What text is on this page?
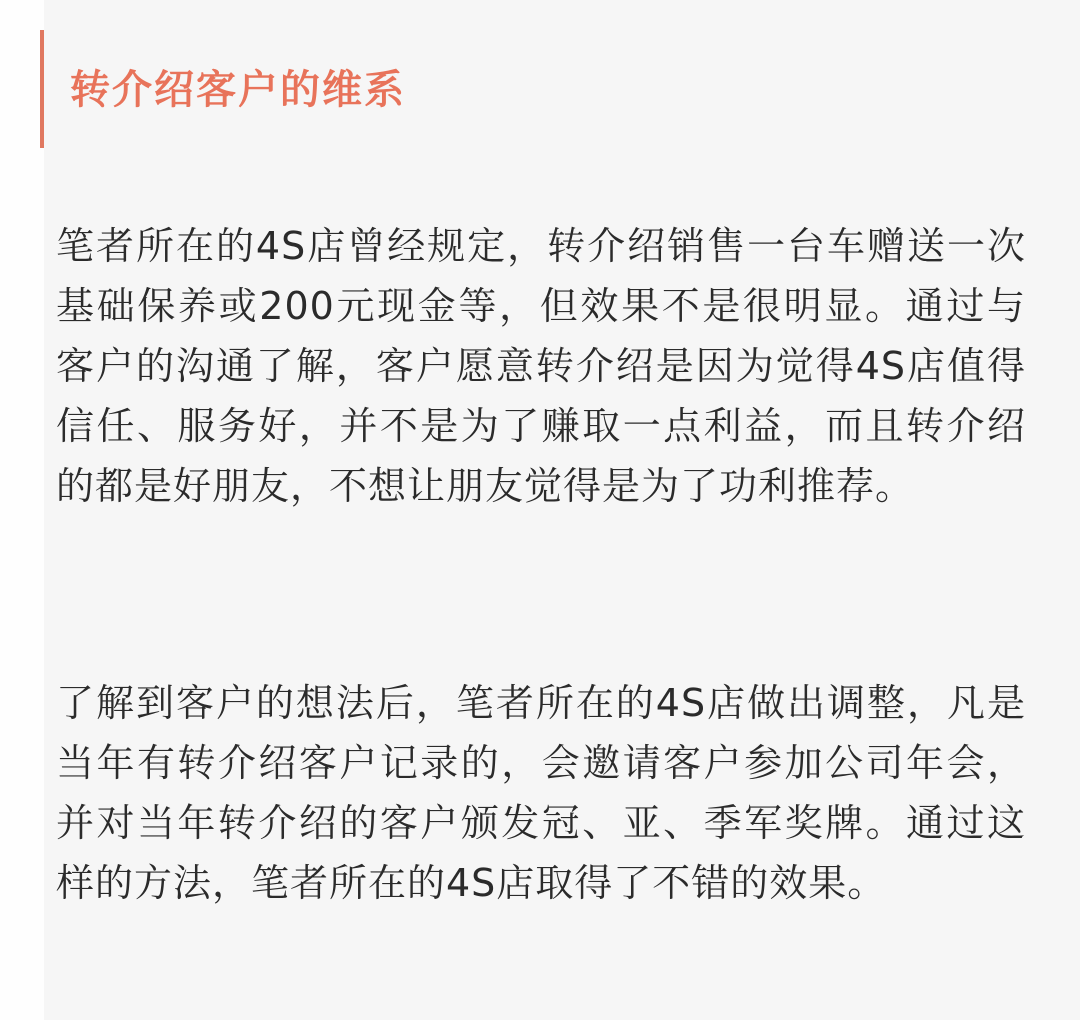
转介绍客户的维系

笔者所在的4S店曾经规定，转介绍销售一台车赠送一次基础保养或200元现金等，但效果不是很明显。通过与客户的沟通了解，客户愿意转介绍是因为觉得4S店值得信任、服务好，并不是为了赚取一点利益，而且转介绍的都是好朋友，不想让朋友觉得是为了功利推荐。

了解到客户的想法后，笔者所在的4S店做出调整，凡是当年有转介绍客户记录的，会邀请客户参加公司年会，并对当年转介绍的客户颁发冠、亚、季军奖牌。通过这样的方法，笔者所在的4S店取得了不错的效果。
